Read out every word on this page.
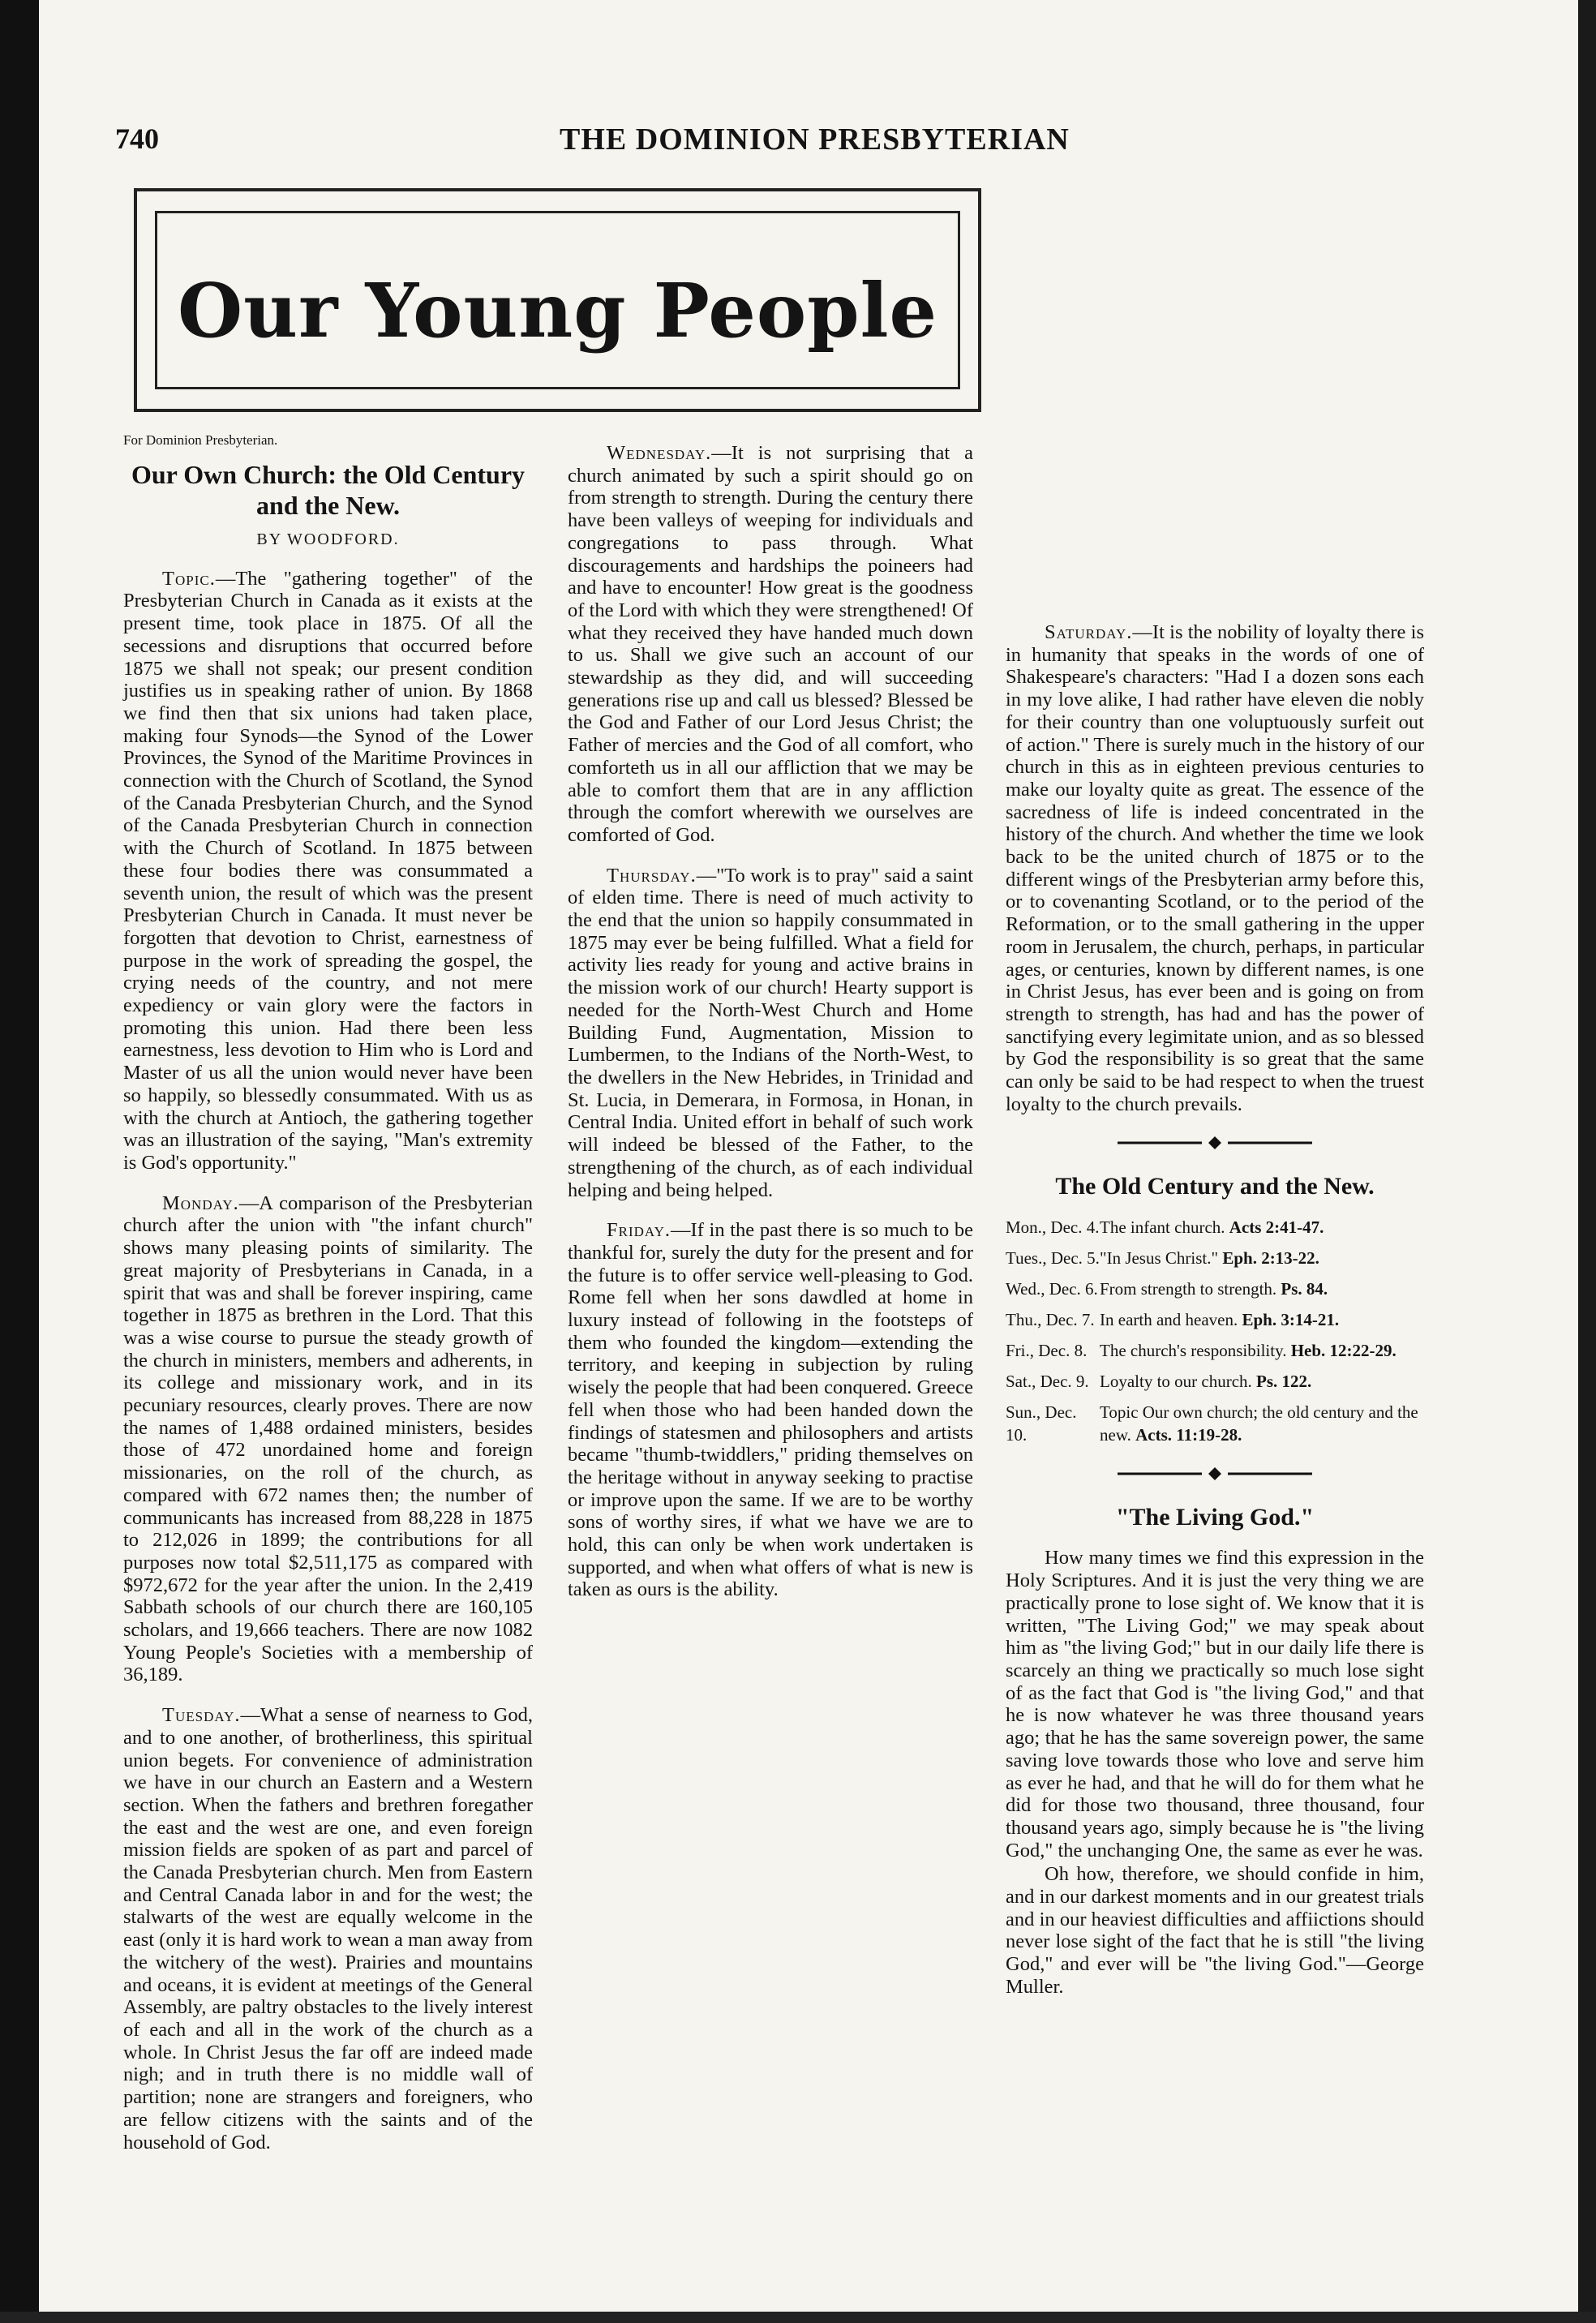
740	THE DOMINION PRESBYTERIAN
Our Young People

For Dominion Presbyterian.

Our Own Church: the Old Century
and the New.
BY WOODFORD.

Topic.—The "gathering together" of the Presbyterian Church in Canada as it exists at the present time, took place in 1875. Of all the secessions and disruptions that occurred before 1875 we shall not speak; our present condition justifies us in speaking rather of union. By 1868 we find then that six unions had taken place, making four Synods—the Synod of the Lower Provinces, the Synod of the Maritime Provinces in connection with the Church of Scotland, the Synod of the Canada Presbyterian Church, and the Synod of the Canada Presbyterian Church in connection with the Church of Scotland. In 1875 between these four bodies there was consummated a seventh union, the result of which was the present Presbyterian Church in Canada. It must never be forgotten that devotion to Christ, earnestness of purpose in the work of spreading the gospel, the crying needs of the country, and not mere expediency or vain glory were the factors in promoting this union. Had there been less earnestness, less devotion to Him who is Lord and Master of us all the union would never have been so happily, so blessedly consummated. With us as with the church at Antioch, the gathering together was an illustration of the saying, "Man's extremity is God's opportunity."

Monday.—A comparison of the Presbyterian church after the union with "the infant church" shows many pleasing points of similarity. The great majority of Presbyterians in Canada, in a spirit that was and shall be forever inspiring, came together in 1875 as brethren in the Lord. That this was a wise course to pursue the steady growth of the church in ministers, members and adherents, in its college and missionary work, and in its pecuniary resources, clearly proves. There are now the names of 1,488 ordained ministers, besides those of 472 unordained home and foreign missionaries, on the roll of the church, as compared with 672 names then; the number of communicants has increased from 88,228 in 1875 to 212,026 in 1899; the contributions for all purposes now total $2,511,175 as compared with $972,672 for the year after the union. In the 2,419 Sabbath schools of our church there are 160,105 scholars, and 19,666 teachers. There are now 1082 Young People's Societies with a membership of 36,189.

Tuesday.—What a sense of nearness to God, and to one another, of brotherliness, this spiritual union begets. For convenience of administration we have in our church an Eastern and a Western section. When the fathers and brethren foregather the east and the west are one, and even foreign mission fields are spoken of as part and parcel of the Canada Presbyterian church. Men from Eastern and Central Canada labor in and for the west; the stalwarts of the west are equally welcome in the east (only it is hard work to wean a man away from the witchery of the west). Prairies and mountains and oceans, it is evident at meetings of the General Assembly, are paltry obstacles to the lively interest of each and all in the work of the church as a whole. In Christ Jesus the far off are indeed made nigh; and in truth there is no middle wall of partition; none are strangers and foreigners, who are fellow citizens with the saints and of the household of God.

Wednesday.—It is not surprising that a church animated by such a spirit should go on from strength to strength. During the century there have been valleys of weeping for individuals and congregations to pass through. What discouragements and hardships the poineers had and have to encounter! How great is the goodness of the Lord with which they were strengthened! Of what they received they have handed much down to us. Shall we give such an account of our stewardship as they did, and will succeeding generations rise up and call us blessed? Blessed be the God and Father of our Lord Jesus Christ; the Father of mercies and the God of all comfort, who comforteth us in all our affliction that we may be able to comfort them that are in any affliction through the comfort wherewith we ourselves are comforted of God.

Thursday.—"To work is to pray" said a saint of elden time. There is need of much activity to the end that the union so happily consummated in 1875 may ever be being fulfilled. What a field for activity lies ready for young and active brains in the mission work of our church! Hearty support is needed for the North-West Church and Home Building Fund, Augmentation, Mission to Lumbermen, to the Indians of the North-West, to the dwellers in the New Hebrides, in Trinidad and St. Lucia, in Demerara, in Formosa, in Honan, in Central India. United effort in behalf of such work will indeed be blessed of the Father, to the strengthening of the church, as of each individual helping and being helped.

Friday.—If in the past there is so much to be thankful for, surely the duty for the present and for the future is to offer service well-pleasing to God. Rome fell when her sons dawdled at home in luxury instead of following in the footsteps of them who founded the kingdom—extending the territory, and keeping in subjection by ruling wisely the people that had been conquered. Greece fell when those who had been handed down the findings of statesmen and philosophers and artists became "thumb-twiddlers," priding themselves on the heritage without in anyway seeking to practise or improve upon the same. If we are to be worthy sons of worthy sires, if what we have we are to hold, this can only be when work undertaken is supported, and when what offers of what is new is taken as ours is the ability.

Saturday.—It is the nobility of loyalty there is in humanity that speaks in the words of one of Shakespeare's characters: "Had I a dozen sons each in my love alike, I had rather have eleven die nobly for their country than one voluptuously surfeit out of action." There is surely much in the history of our church in this as in eighteen previous centuries to make our loyalty quite as great. The essence of the sacredness of life is indeed concentrated in the history of the church. And whether the time we look back to be the united church of 1875 or to the different wings of the Presbyterian army before this, or to covenanting Scotland, or to the period of the Reformation, or to the small gathering in the upper room in Jerusalem, the church, perhaps, in particular ages, or centuries, known by different names, is one in Christ Jesus, has ever been and is going on from strength to strength, has had and has the power of sanctifying every legimitate union, and as so blessed by God the responsibility is so great that the same can only be said to be had respect to when the truest loyalty to the church prevails.

The Old Century and the New.
Mon., Dec. 4. The infant church. Acts 2:41-47.
Tues., Dec. 5. "In Jesus Christ." Eph. 2:13-22.
Wed., Dec. 6. From strength to strength. Ps. 84.
Thu., Dec. 7. In earth and heaven. Eph. 3:14-21.
Fri., Dec. 8. The church's responsibility. Heb. 12:22-29.
Sat., Dec. 9. Loyalty to our church. Ps. 122.
Sun., Dec. 10.
Topic Our own church; the old century and the new. Acts. 11:19-28.
"The Living God."

How many times we find this expression in the Holy Scriptures. And it is just the very thing we are practically prone to lose sight of. We know that it is written, "The Living God;" we may speak about him as "the living God;" but in our daily life there is scarcely an thing we practically so much lose sight of as the fact that God is "the living God," and that he is now whatever he was three thousand years ago; that he has the same sovereign power, the same saving love towards those who love and serve him as ever he had, and that he will do for them what he did for those two thousand, three thousand, four thousand years ago, simply because he is "the living God," the unchanging One, the same as ever he was.

Oh how, therefore, we should confide in him, and in our darkest moments and in our greatest trials and in our heaviest difficulties and affiictions should never lose sight of the fact that he is still "the living God," and ever will be "the living God."—George Muller.
